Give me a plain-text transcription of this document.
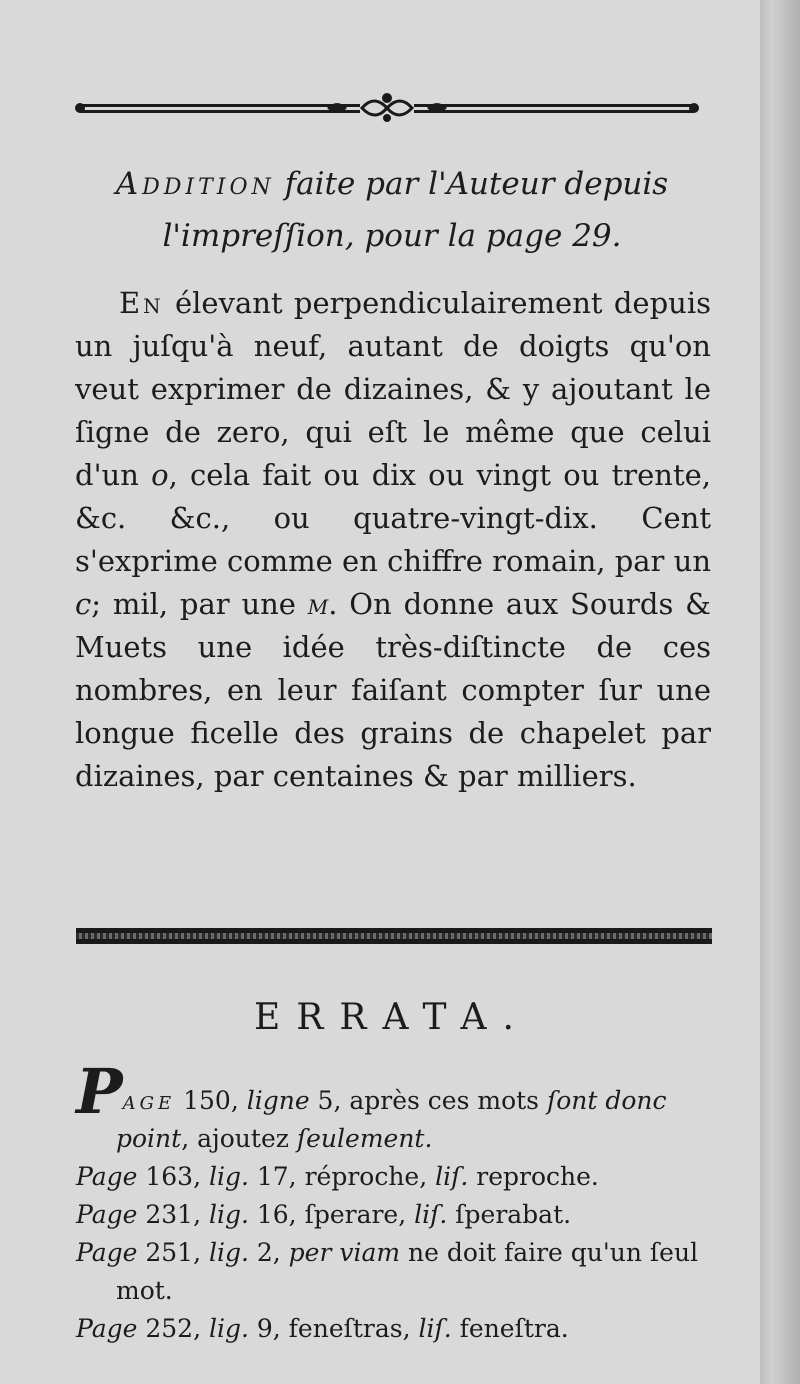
Addition faite par l'Auteur depuis
l'impreſſion, pour la page 29.

En élevant perpendiculairement depuis un juſqu'à neuf, autant de doigts qu'on veut exprimer de dizaines, & y ajoutant le ſigne de zero, qui eſt le même que celui d'un o, cela fait ou dix ou vingt ou trente, &c. &c., ou quatre-vingt-dix. Cent s'exprime comme en chiffre romain, par un c; mil, par une m. On donne aux Sourds & Muets une idée très-diſtincte de ces nombres, en leur faiſant compter ſur une longue ficelle des grains de chapelet par dizaines, par centaines & par milliers.

ERRATA.

Page 150, ligne 5, après ces mots ſont donc point, ajoutez ſeulement.

Page 163, lig. 17, réproche, liſ. reproche.

Page 231, lig. 16, ſperare, liſ. ſperabat.

Page 251, lig. 2, per viam ne doit faire qu'un ſeul mot.

Page 252, lig. 9, feneſtras, liſ. feneſtra.
